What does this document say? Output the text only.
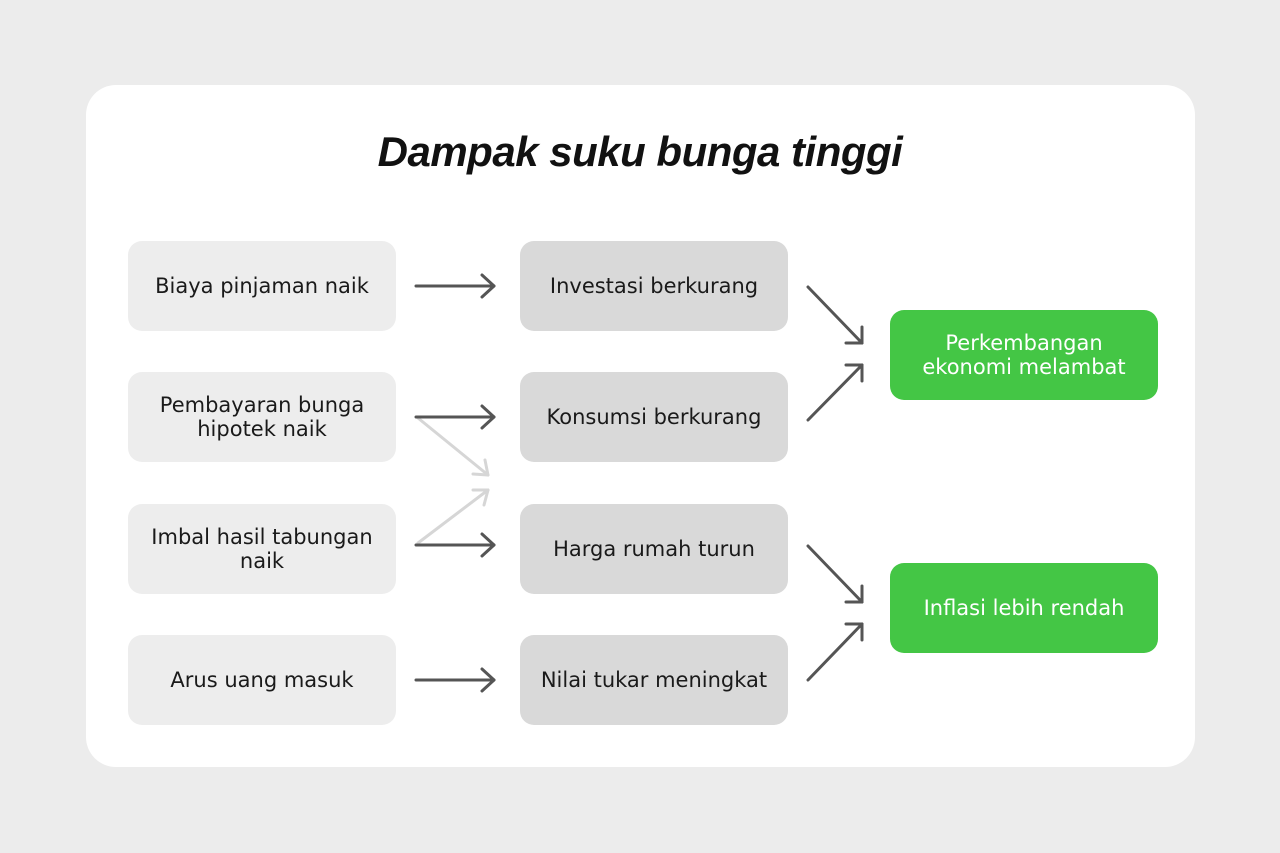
Dampak suku bunga tinggi
Biaya pinjaman naik
Pembayaran bunga hipotek naik
Imbal hasil tabungan naik
Arus uang masuk
Investasi berkurang
Konsumsi berkurang
Harga rumah turun
Nilai tukar meningkat
Perkembangan ekonomi melambat
Inflasi lebih rendah
